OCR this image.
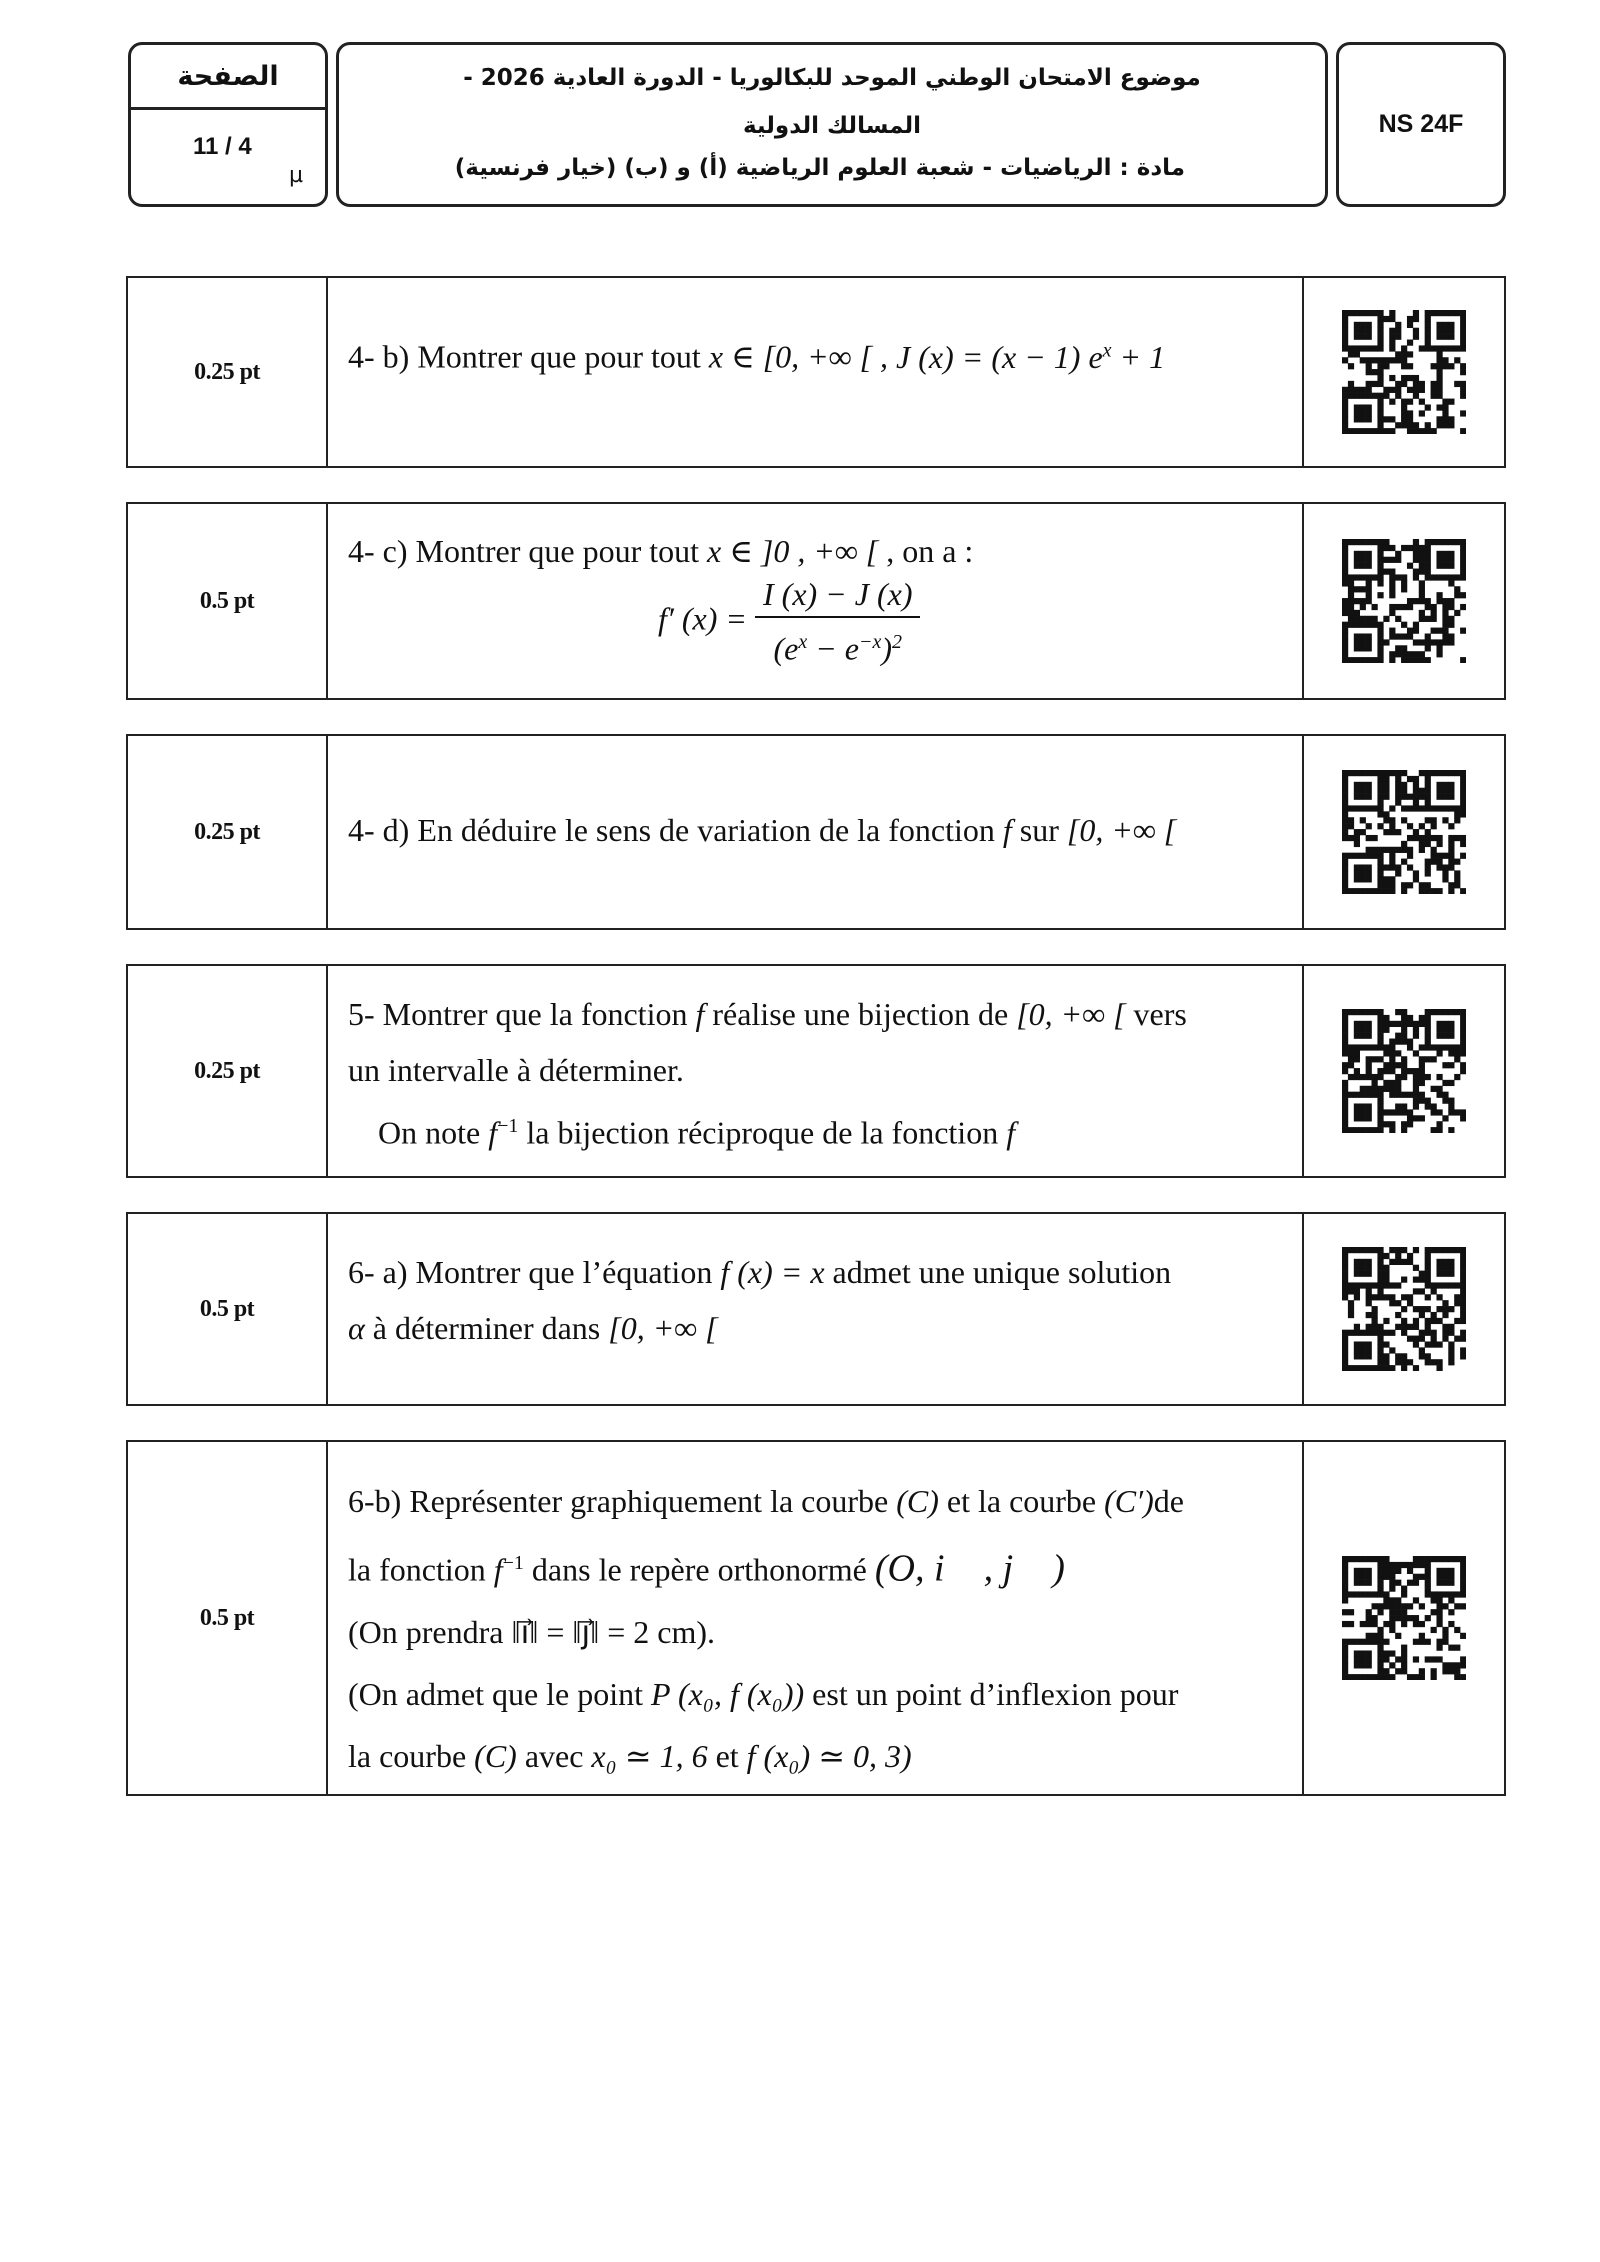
الصفحة
11 / 4
µ
موضوع الامتحان الوطني الموحد للبكالوريا - الدورة العادية 2026 -
المسالك الدولية
مادة : الرياضيات - شعبة العلوم الرياضية (أ) و (ب) (خيار فرنسية)
NS 24F
0.25 pt	4- b) Montrer que pour tout x ∈ [0, +∞ [ , J (x) = (x − 1) $e^x + 1$
0.5 pt
4- c) Montrer que pour tout x ∈ ]0 , +∞ [ , on a :
f′ $(x) = \frac{I (x) - J (x)}{(e^x - e^{-x})^2}$
0.25 pt	4- d) En déduire le sens de variation de la fonction f sur [0, +∞ [
0.25 pt
5- Montrer que la fonction f réalise une bijection de [0, +∞ [ vers
un intervalle à déterminer.
On note $f^{-1}$ la bijection réciproque de la fonction f
0.5 pt
6- a) Montrer que l’équation f (x) = x admet une unique solution
α à déterminer dans [0, +∞ [
0.5 pt
6-b) Représenter graphiquement la courbe (C) et la courbe (C′)de
la fonction $f^{-1}$ dans le repère orthonormé (O, i⃗ , j⃗ )
(On prendra ‖i⃗‖ = ‖j⃗‖ = 2 cm).
(On admet que le point P (x₀, f (x₀)) est un point d’inflexion pour
la courbe (C) avec x₀ ≃ 1, 6 et f (x₀) ≃ 0, 3)
